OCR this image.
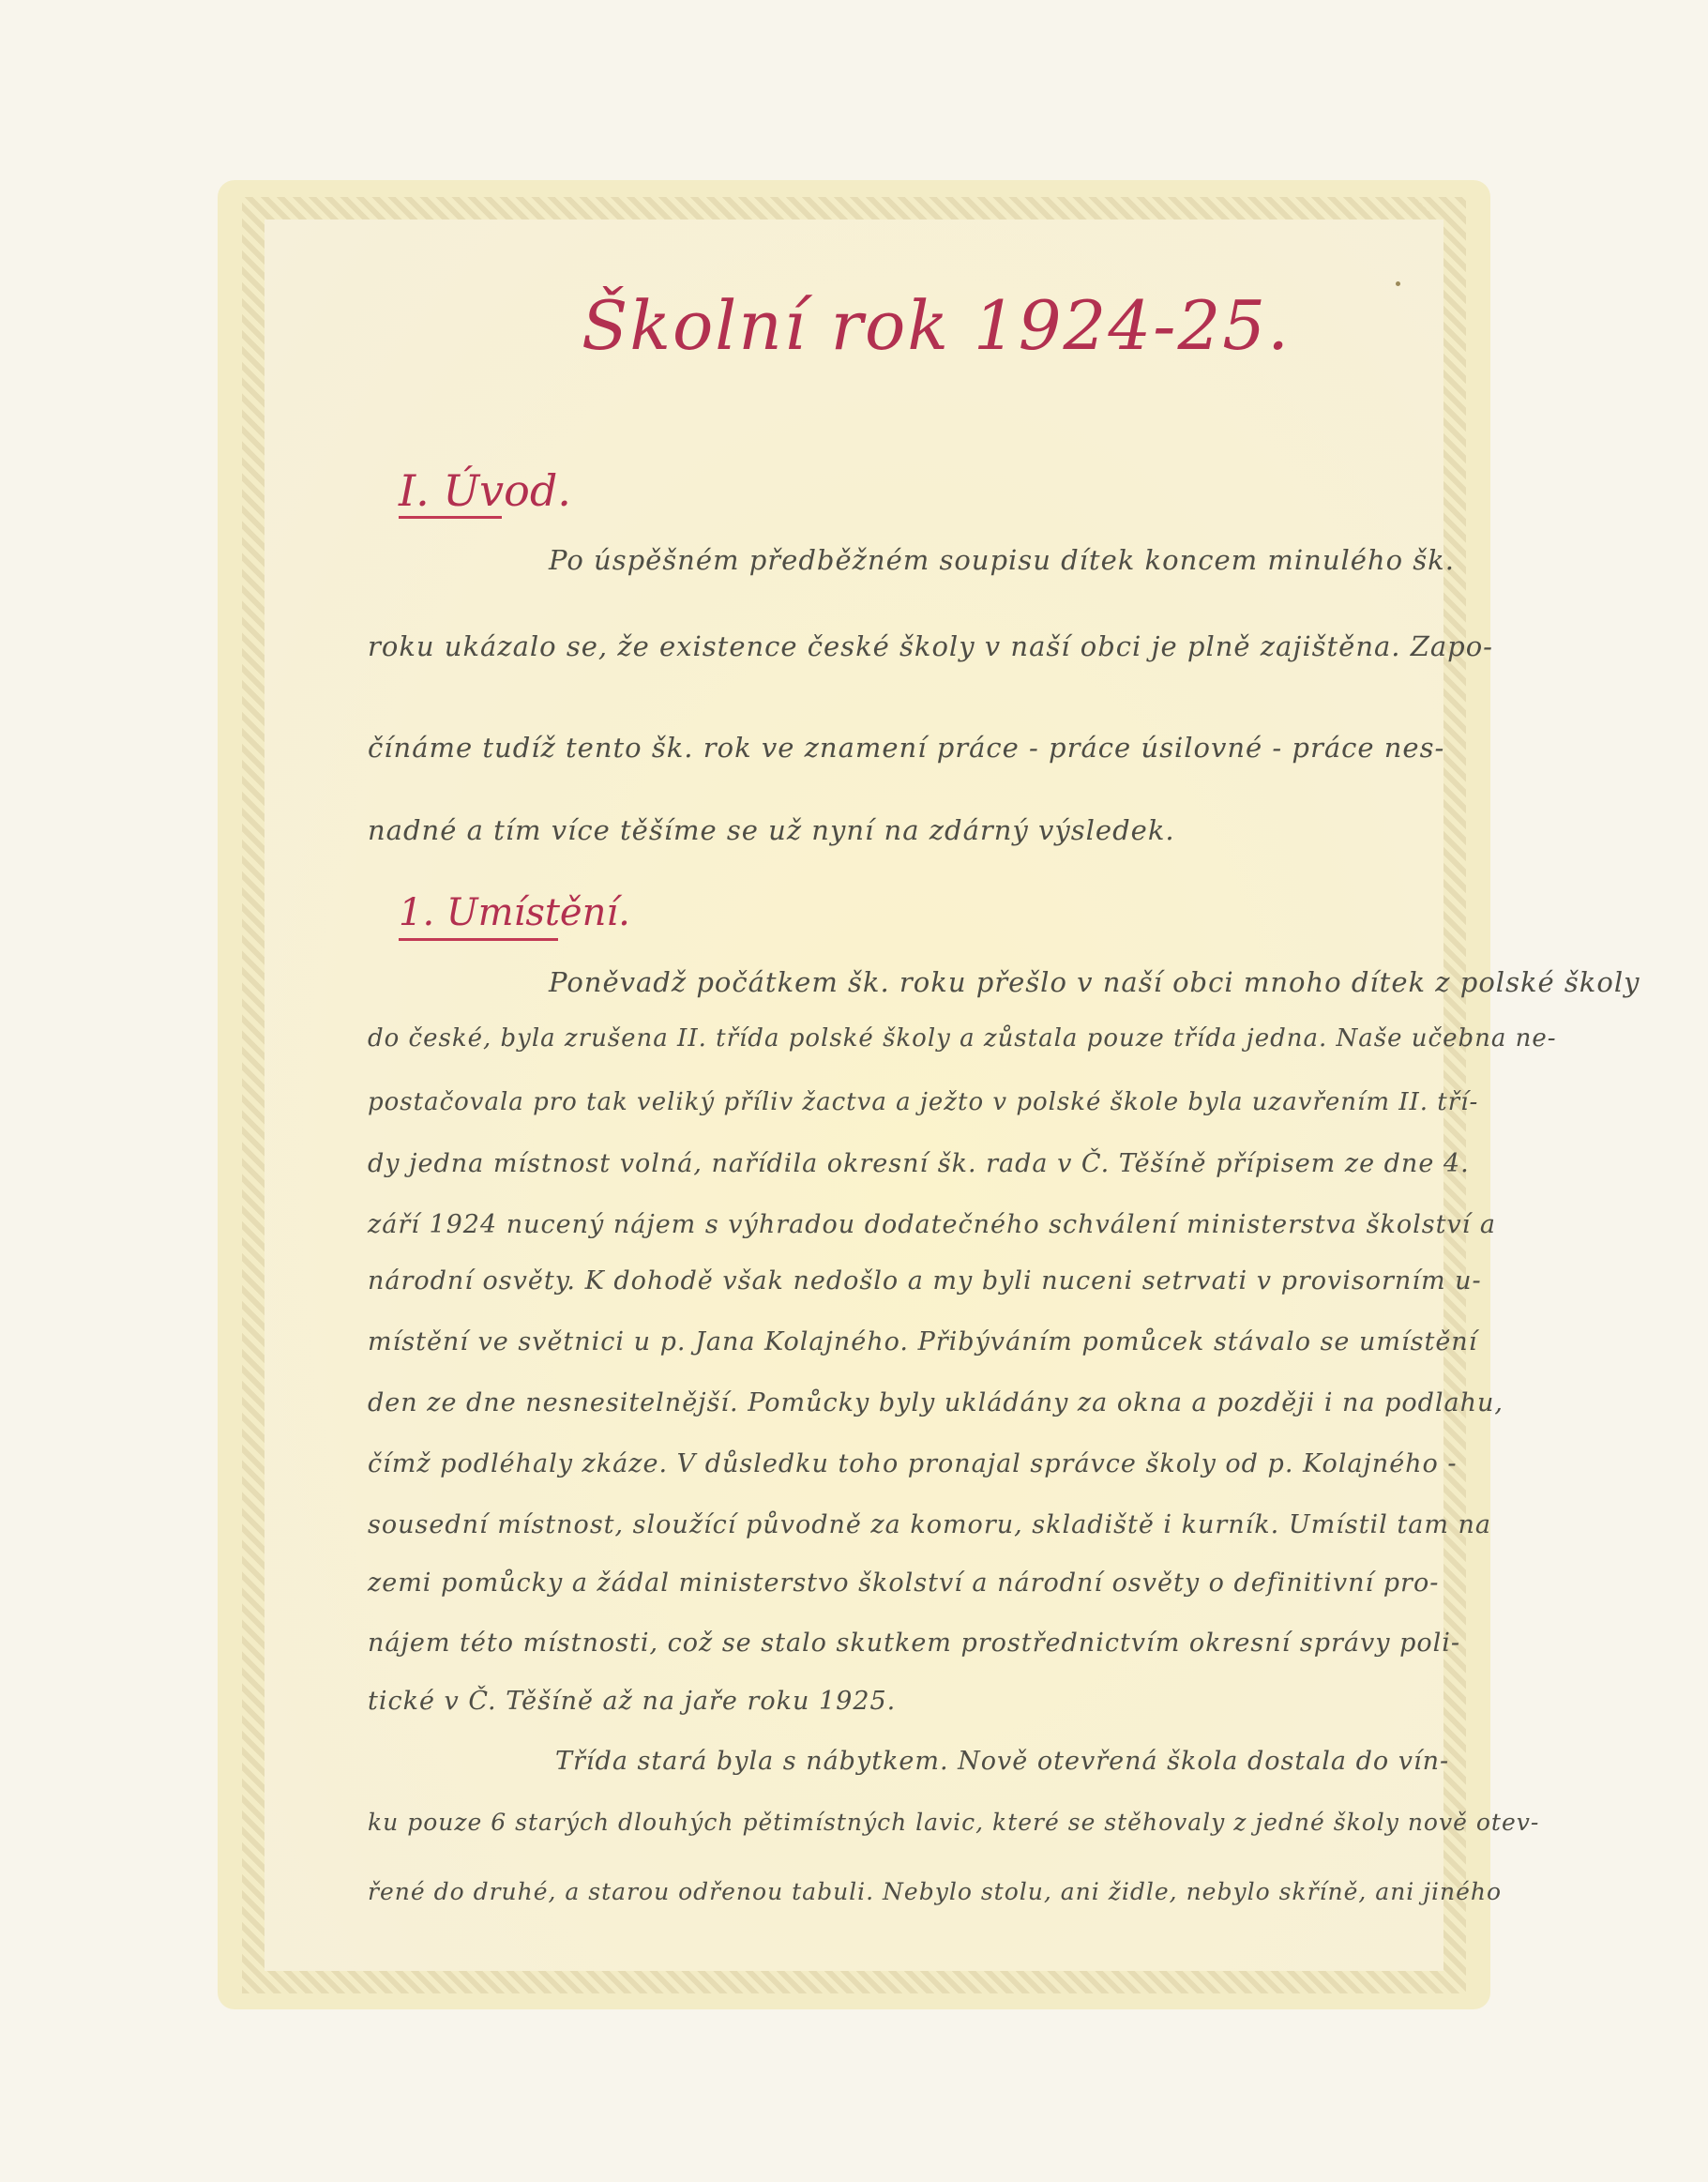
Školní rok 1924-25.
I. Úvod.
Po úspěšném předběžném soupisu dítek koncem minulého šk.
roku ukázalo se, že existence české školy v naší obci je plně zajištěna. Zapo-
čínáme tudíž tento šk. rok ve znamení práce - práce úsilovné - práce nes-
nadné a tím více těšíme se už nyní na zdárný výsledek.
1. Umístění.
Poněvadž počátkem šk. roku přešlo v naší obci mnoho dítek z polské školy
do české, byla zrušena II. třída polské školy a zůstala pouze třída jedna. Naše učebna ne-
postačovala pro tak veliký příliv žactva a ježto v polské škole byla uzavřením II. tří-
dy jedna místnost volná, nařídila okresní šk. rada v Č. Těšíně přípisem ze dne 4.
září 1924 nucený nájem s výhradou dodatečného schválení ministerstva školství a
národní osvěty. K dohodě však nedošlo a my byli nuceni setrvati v provisorním u-
místění ve světnici u p. Jana Kolajného. Přibýváním pomůcek stávalo se umístění
den ze dne nesnesitelnější. Pomůcky byly ukládány za okna a později i na podlahu,
čímž podléhaly zkáze. V důsledku toho pronajal správce školy od p. Kolajného -
sousední místnost, sloužící původně za komoru, skladiště i kurník. Umístil tam na
zemi pomůcky a žádal ministerstvo školství a národní osvěty o definitivní pro-
nájem této místnosti, což se stalo skutkem prostřednictvím okresní správy poli-
tické v Č. Těšíně až na jaře roku 1925.
Třída stará byla s nábytkem. Nově otevřená škola dostala do vín-
ku pouze 6 starých dlouhých pětimístných lavic, které se stěhovaly z jedné školy nově otev-
řené do druhé, a starou odřenou tabuli. Nebylo stolu, ani židle, nebylo skříně, ani jiného
